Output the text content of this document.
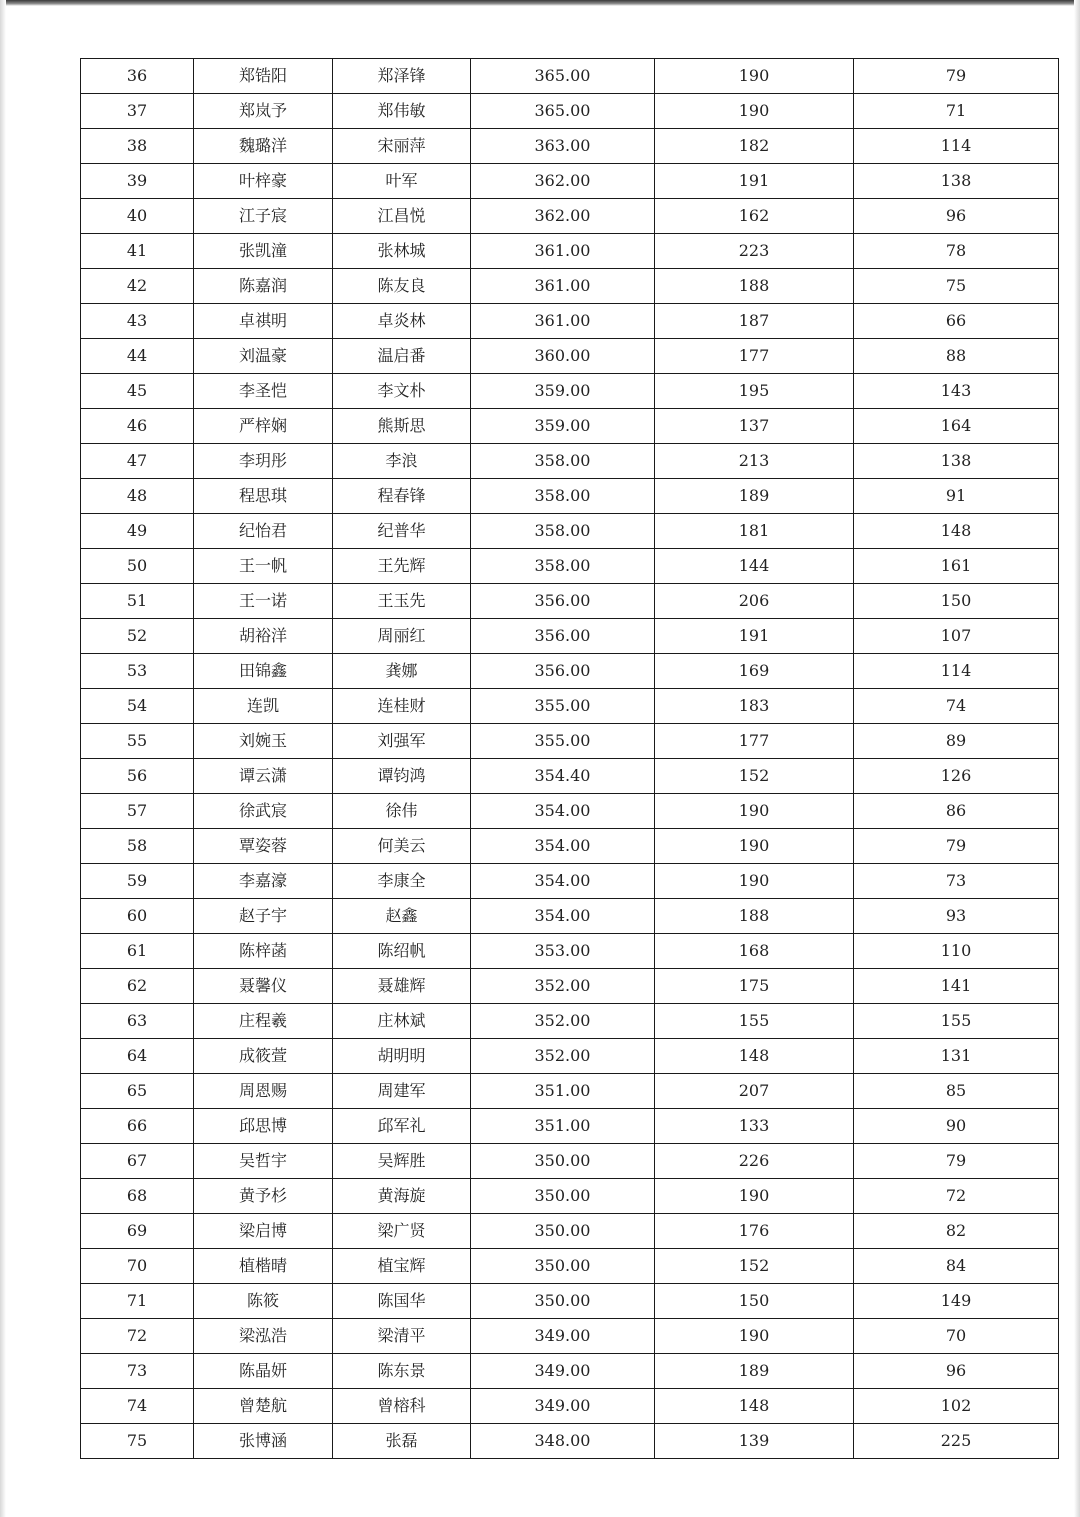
36	郑锆阳	郑泽锋	365.00	190	79
37	郑岚予	郑伟敏	365.00	190	71
38	魏璐洋	宋丽萍	363.00	182	114
39	叶梓豪	叶军	362.00	191	138
40	江子宸	江昌悦	362.00	162	96
41	张凯潼	张林城	361.00	223	78
42	陈嘉润	陈友良	361.00	188	75
43	卓祺明	卓炎林	361.00	187	66
44	刘温豪	温启番	360.00	177	88
45	李圣恺	李文朴	359.00	195	143
46	严梓娴	熊斯思	359.00	137	164
47	李玥彤	李浪	358.00	213	138
48	程思琪	程春锋	358.00	189	91
49	纪怡君	纪普华	358.00	181	148
50	王一帆	王先辉	358.00	144	161
51	王一诺	王玉先	356.00	206	150
52	胡裕洋	周丽红	356.00	191	107
53	田锦鑫	龚娜	356.00	169	114
54	连凯	连桂财	355.00	183	74
55	刘婉玉	刘强军	355.00	177	89
56	谭云潇	谭钧鸿	354.40	152	126
57	徐武宸	徐伟	354.00	190	86
58	覃姿蓉	何美云	354.00	190	79
59	李嘉濠	李康全	354.00	190	73
60	赵子宇	赵鑫	354.00	188	93
61	陈梓菡	陈绍帆	353.00	168	110
62	聂馨仪	聂雄辉	352.00	175	141
63	庄程羲	庄林斌	352.00	155	155
64	成筱萱	胡明明	352.00	148	131
65	周恩赐	周建军	351.00	207	85
66	邱思博	邱军礼	351.00	133	90
67	吴哲宇	吴辉胜	350.00	226	79
68	黄予杉	黄海旋	350.00	190	72
69	梁启博	梁广贤	350.00	176	82
70	植楷晴	植宝辉	350.00	152	84
71	陈筱	陈国华	350.00	150	149
72	梁泓浩	梁清平	349.00	190	70
73	陈晶妍	陈东景	349.00	189	96
74	曾楚航	曾榕科	349.00	148	102
75	张博涵	张磊	348.00	139	225
